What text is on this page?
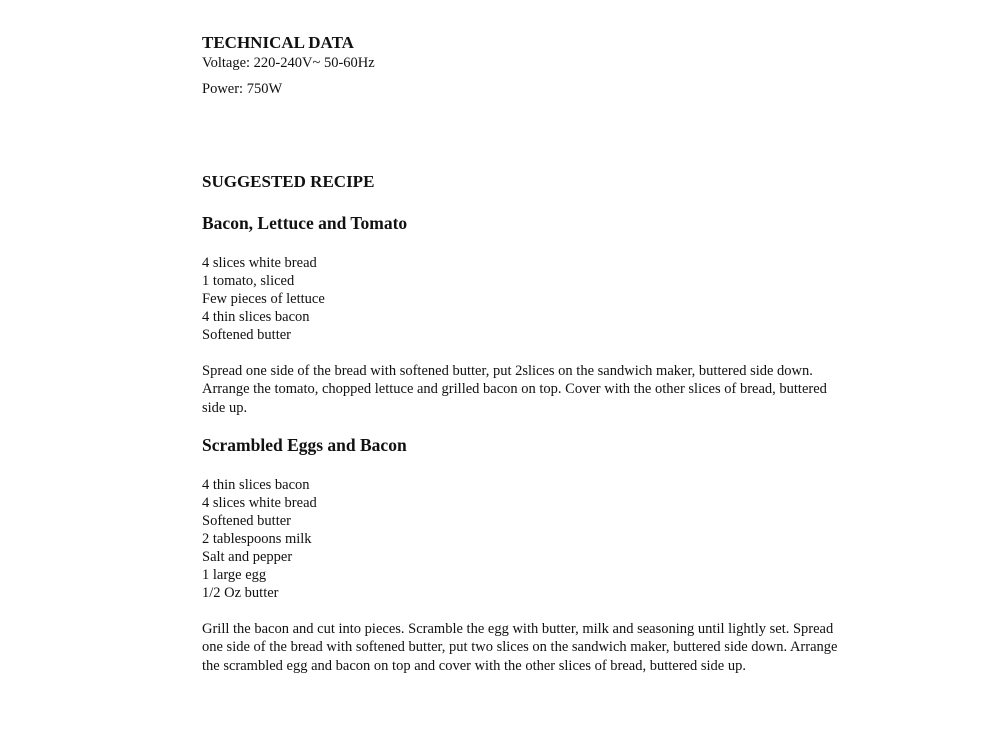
TECHNICAL DATA

Voltage: 220-240V~ 50-60Hz

Power: 750W

SUGGESTED RECIPE
Bacon, Lettuce and Tomato
4 slices white bread
1 tomato, sliced
Few pieces of lettuce
4 thin slices bacon
Softened butter

Spread one side of the bread with softened butter, put 2slices on the sandwich maker, buttered side down. Arrange the tomato, chopped lettuce and grilled bacon on top. Cover with the other slices of bread, buttered side up.

Scrambled Eggs and Bacon
4 thin slices bacon
4 slices white bread
Softened butter
2 tablespoons milk
Salt and pepper
1 large egg
1/2 Oz butter

Grill the bacon and cut into pieces. Scramble the egg with butter, milk and seasoning until lightly set. Spread one side of the bread with softened butter, put two slices on the sandwich maker, buttered side down. Arrange the scrambled egg and bacon on top and cover with the other slices of bread, buttered side up.
